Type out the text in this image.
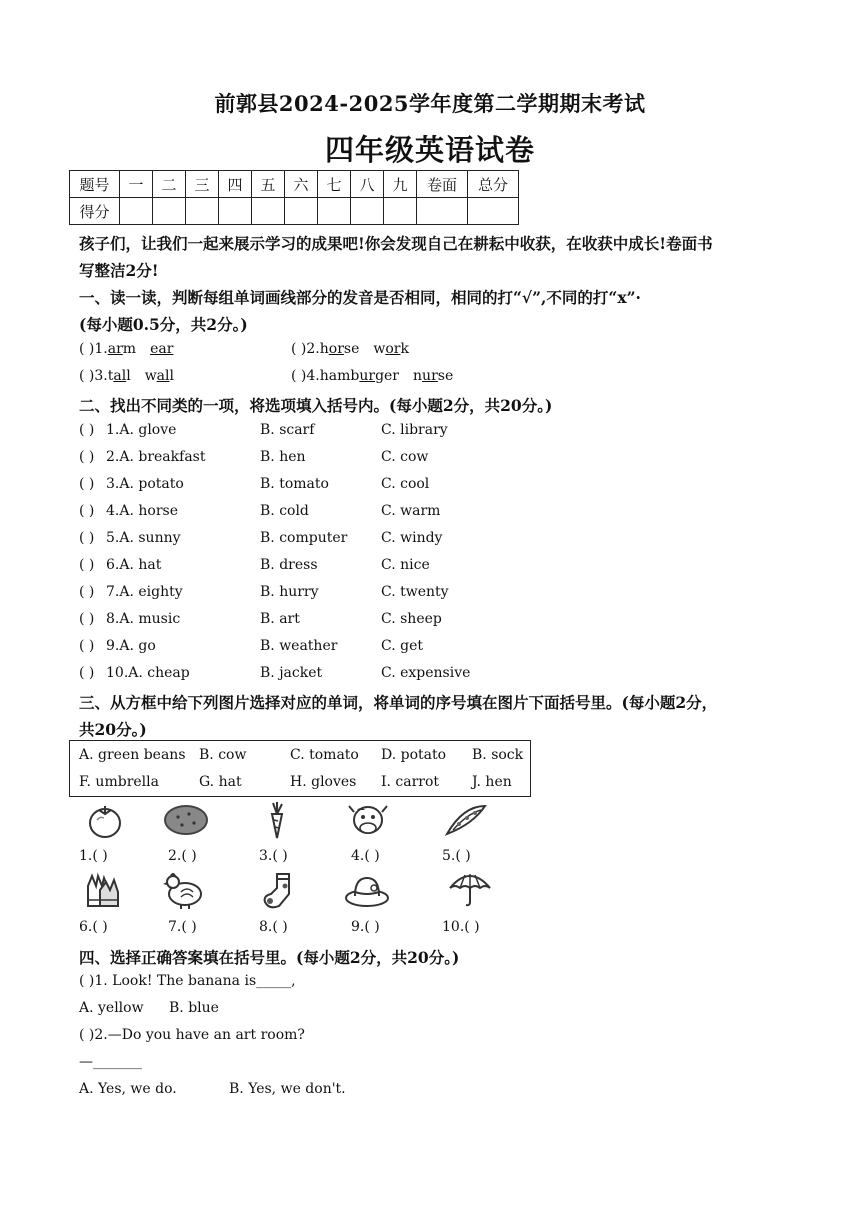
前郭县2024-2025学年度第二学期期末考试
四年级英语试卷
题号	一	二	三	四	五	六	七	八	九	卷面	总分
得分											
孩子们，让我们一起来展示学习的成果吧!你会发现自己在耕耘中收获，在收获中成长!卷面书
写整洁2分!
一、读一读，判断每组单词画线部分的发音是否相同，相同的打“√”,不同的打“x”·
(每小题0.5分，共2分。)
( )1.arm ear	( )2.horse work
( )3.tall wall	( )4.hamburger nurse
二、找出不同类的一项，将选项填入括号内。(每小题2分，共20分。)
( ) 1.A. glove	B. scarf	C. library
( ) 2.A. breakfast	B. hen	C. cow
( ) 3.A. potato	B. tomato	C. cool
( ) 4.A. horse	B. cold	C. warm
( ) 5.A. sunny	B. computer C. windy
( ) 6.A. hat	B. dress	C. nice
( ) 7.A. eighty	B. hurry	C. twenty
( ) 8.A. music	B. art	C. sheep
( ) 9.A. go	B. weather	C. get
( ) 10.A. cheap	B. jacket	C. expensive
三、从方框中给下列图片选择对应的单词，将单词的序号填在图片下面括号里。(每小题2分，
共20分。)
A. green beans B. cow	C. tomato D. potato B. sock
F. umbrella	G. hat	H. gloves I. carrot J. hen
1.( )	2.( )	3.( )	4.( )	5.( )
6.( )	7.( )	8.( )	9.( )	10.( )
四、选择正确答案填在括号里。(每小题2分，共20分。)
( )1. Look! The banana is_____,
A. yellow B. blue
( )2.—Do you have an art room?
—_______
A. Yes, we do.	B. Yes, we don't.
